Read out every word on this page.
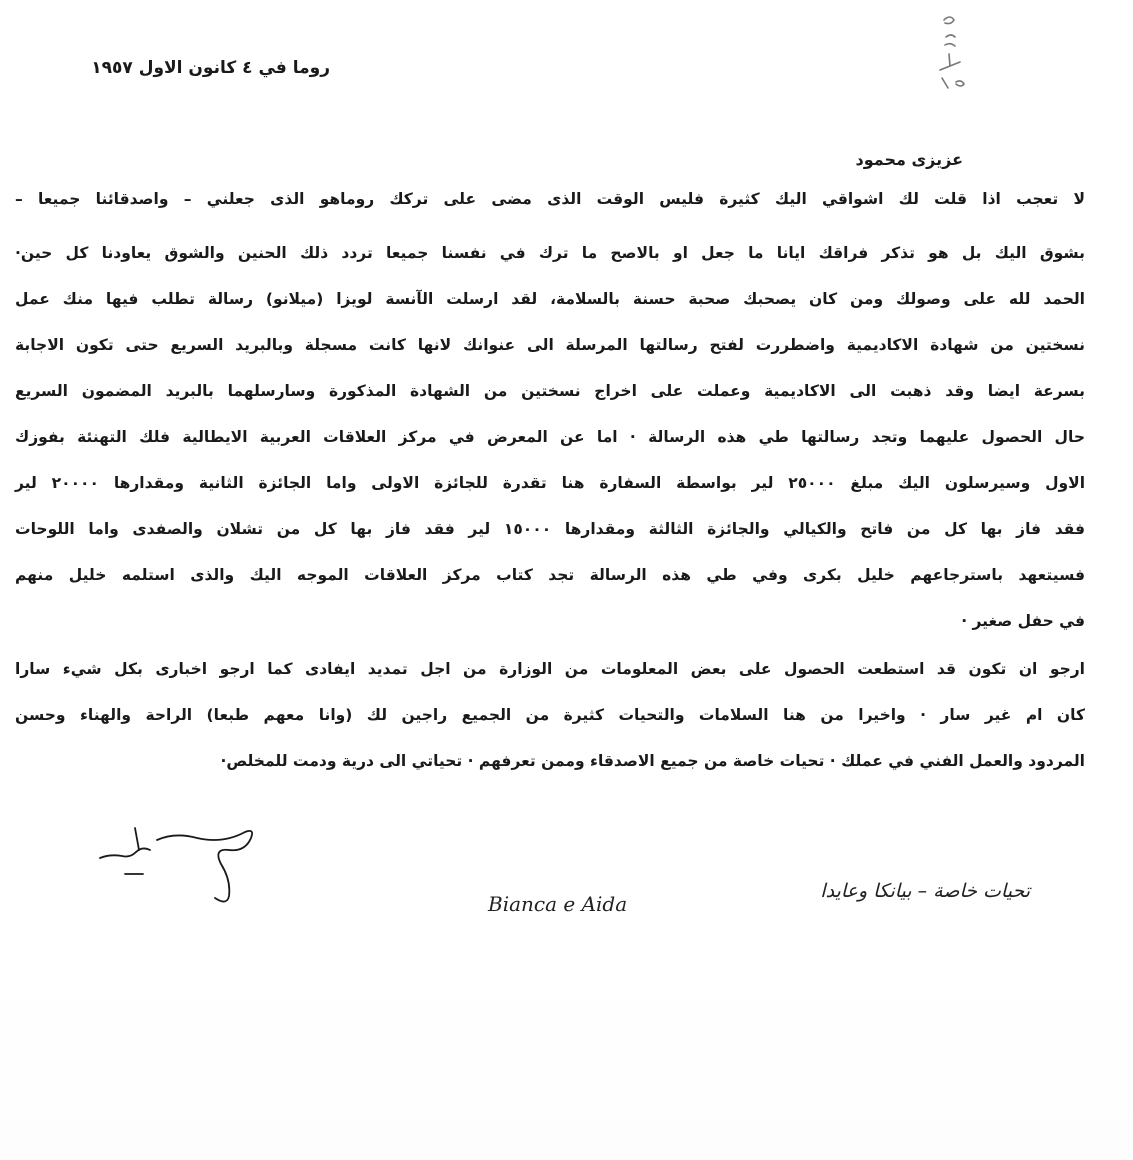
روما في ٤ كانون الاول ١٩٥٧
عزيزى محمود
لا تعجب اذا قلت لك اشواقي اليك كثيرة فليس الوقت الذى مضى على تركك روماهو الذى جعلني – واصدقائنا جميعا –
بشوق اليك بل هو تذكر فراقك ايانا ما جعل او بالاصح ما ترك في نفسنا جميعا تردد ذلك الحنين والشوق يعاودنا كل حين·
الحمد لله على وصولك ومن كان يصحبك صحبة حسنة بالسلامة، لقد ارسلت الآنسة لويزا (ميلانو) رسالة تطلب فيها منك عمل
نسختين من شهادة الاكاديمية واضطررت لفتح رسالتها المرسلة الى عنوانك لانها كانت مسجلة وبالبريد السريع حتى تكون الاجابة
بسرعة ايضا وقد ذهبت الى الاكاديمية وعملت على اخراج نسختين من الشهادة المذكورة وسارسلهما بالبريد المضمون السريع
حال الحصول عليهما وتجد رسالتها طي هذه الرسالة · اما عن المعرض في مركز العلاقات العربية الايطالية فلك التهنئة بفوزك
الاول وسيرسلون اليك مبلغ ٢٥٠٠٠ لير بواسطة السفارة هنا تقدرة للجائزة الاولى واما الجائزة الثانية ومقدارها ٢٠٠٠٠ لير
فقد فاز بها كل من فاتح والكيالي والجائزة الثالثة ومقدارها ١٥٠٠٠ لير فقد فاز بها كل من تشلان والصفدى واما اللوحات
فسيتعهد باسترجاعهم خليل بكرى وفي طي هذه الرسالة تجد كتاب مركز العلاقات الموجه اليك والذى استلمه خليل منهم
في حفل صغير ·
ارجو ان تكون قد استطعت الحصول على بعض المعلومات من الوزارة من اجل تمديد ايفادى كما ارجو اخبارى بكل شيء سارا
كان ام غير سار · واخيرا من هنا السلامات والتحيات كثيرة من الجميع راجين لك (وانا معهم طبعا) الراحة والهناء وحسن
المردود والعمل الفني في عملك · تحيات خاصة من جميع الاصدقاء وممن تعرفهم · تحياتي الى درية ودمت للمخلص·
Bianca e Aida
تحيات خاصة – بيانكا وعايدا
